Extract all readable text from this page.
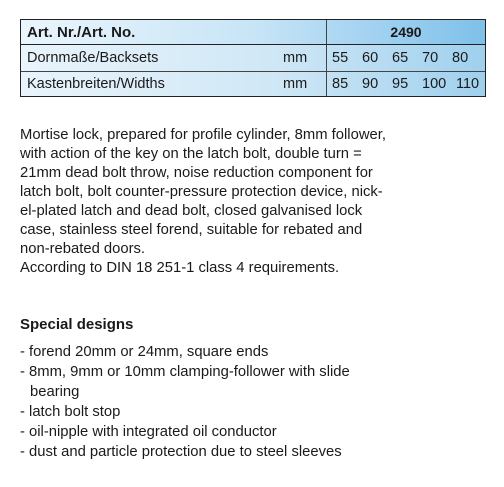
Art. Nr./Art. No.	2490
Dornmaße/Backsets	mm 55 60 65 70 80
Kastenbreiten/Widths	mm 85 90 95 100 110
Mortise lock, prepared for profile cylinder, 8mm follower,
with action of the key on the latch bolt, double turn =
21mm dead bolt throw, noise reduction component for
latch bolt, bolt counter-pressure protection device, nick-
el-plated latch and dead bolt, closed galvanised lock
case, stainless steel forend, suitable for rebated and
non-rebated doors.
According to DIN 18 251-1 class 4 requirements.
Special designs
- forend 20mm or 24mm, square ends
- 8mm, 9mm or 10mm clamping-follower with slide
bearing
- latch bolt stop
- oil-nipple with integrated oil conductor
- dust and particle protection due to steel sleeves
